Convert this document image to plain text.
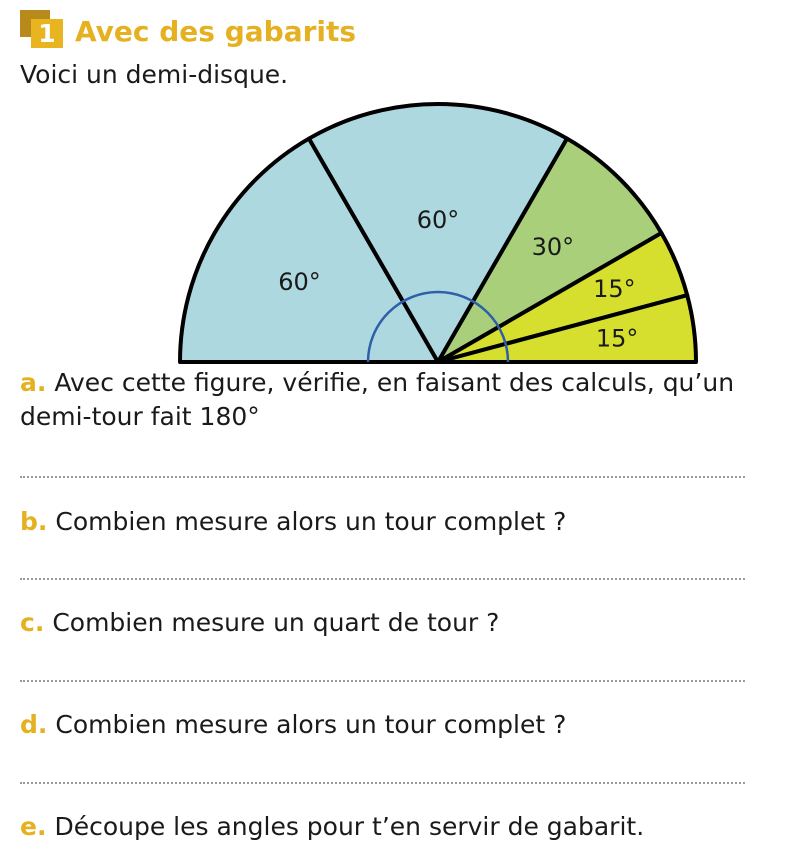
1 Avec des gabarits
Voici un demi-disque.
60°
60°
30°
15°
15°
a. Avec cette figure, vérifie, en faisant des calculs, qu’un demi-tour fait 180°
b. Combien mesure alors un tour complet ?
c. Combien mesure un quart de tour ?
d. Combien mesure alors un tour complet ?
e. Découpe les angles pour t’en servir de gabarit.
